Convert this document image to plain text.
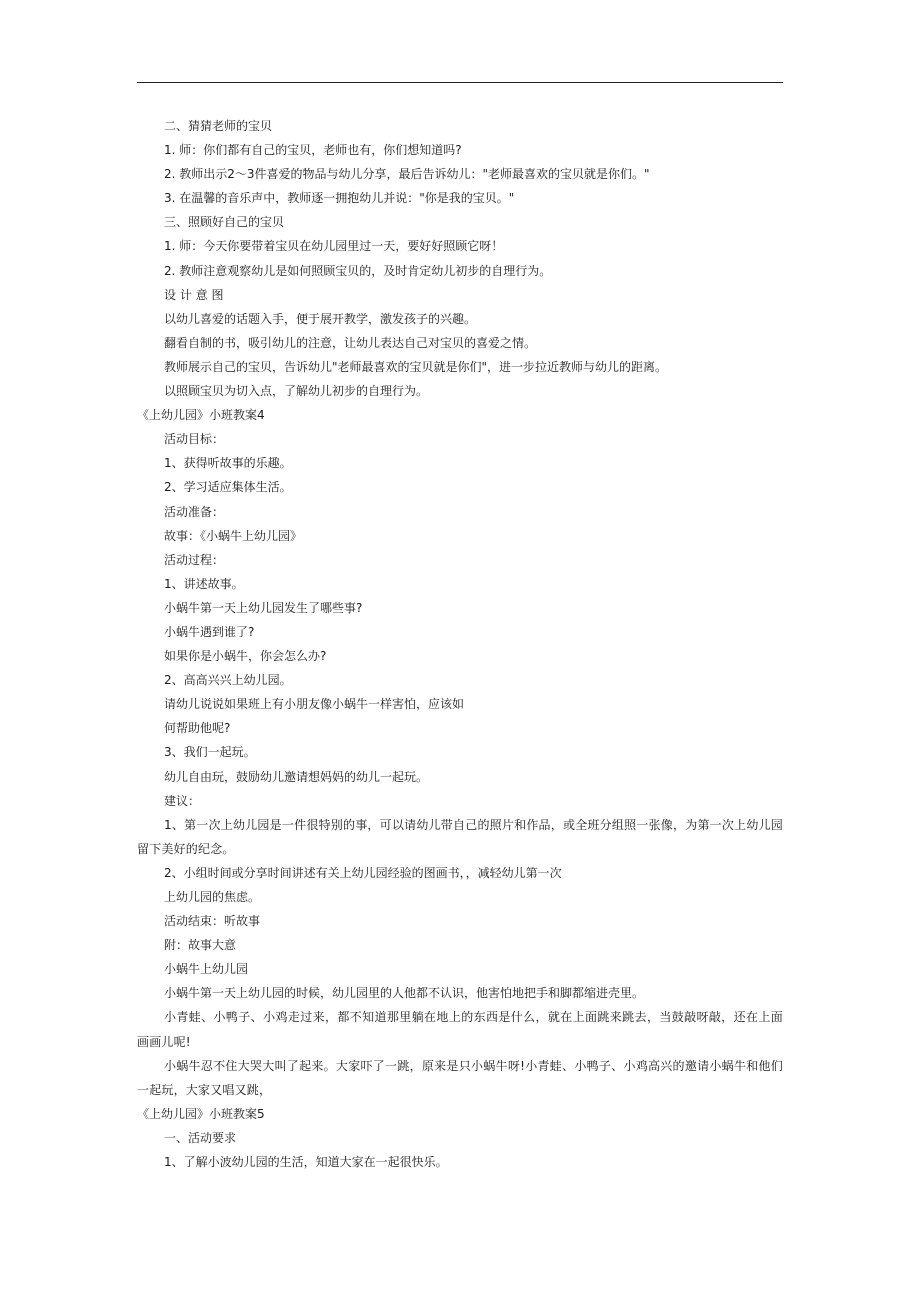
二、猜猜老师的宝贝
1. 师：你们都有自己的宝贝，老师也有，你们想知道吗?
2. 教师出示2～3件喜爱的物品与幼儿分享，最后告诉幼儿："老师最喜欢的宝贝就是你们。"
3. 在温馨的音乐声中，教师逐一拥抱幼儿并说："你是我的宝贝。"
三、照顾好自己的宝贝
1. 师：今天你要带着宝贝在幼儿园里过一天，要好好照顾它呀！
2. 教师注意观察幼儿是如何照顾宝贝的，及时肯定幼儿初步的自理行为。
设 计 意 图
以幼儿喜爱的话题入手，便于展开教学，激发孩子的兴趣。
翻看自制的书，吸引幼儿的注意，让幼儿表达自己对宝贝的喜爱之情。
教师展示自己的宝贝，告诉幼儿"老师最喜欢的宝贝就是你们"，进一步拉近教师与幼儿的距离。
以照顾宝贝为切入点，了解幼儿初步的自理行为。
《上幼儿园》小班教案4
活动目标：
1、获得听故事的乐趣。
2、学习适应集体生活。
活动准备：
故事：《小蜗牛上幼儿园》
活动过程：
1、讲述故事。
小蜗牛第一天上幼儿园发生了哪些事?
小蜗牛遇到谁了?
如果你是小蜗牛，你会怎么办?
2、高高兴兴上幼儿园。
请幼儿说说如果班上有小朋友像小蜗牛一样害怕，应该如
何帮助他呢?
3、我们一起玩。
幼儿自由玩，鼓励幼儿邀请想妈妈的幼儿一起玩。
建议：
1、第一次上幼儿园是一件很特别的事，可以请幼儿带自己的照片和作品，或全班分组照一张像，为第一次上幼儿园留下美好的纪念。
2、小组时间或分享时间讲述有关上幼儿园经验的图画书，，减轻幼儿第一次
上幼儿园的焦虑。
活动结束：听故事
附：故事大意
小蜗牛上幼儿园
小蜗牛第一天上幼儿园的时候，幼儿园里的人他都不认识，他害怕地把手和脚都缩进壳里。
小青蛙、小鸭子、小鸡走过来，都不知道那里躺在地上的东西是什么，就在上面跳来跳去，当鼓敲呀敲，还在上面画画儿呢!
小蜗牛忍不住大哭大叫了起来。大家吓了一跳，原来是只小蜗牛呀!小青蛙、小鸭子、小鸡高兴的邀请小蜗牛和他们一起玩，大家又唱又跳，
《上幼儿园》小班教案5
一、活动要求
1、了解小波幼儿园的生活，知道大家在一起很快乐。
